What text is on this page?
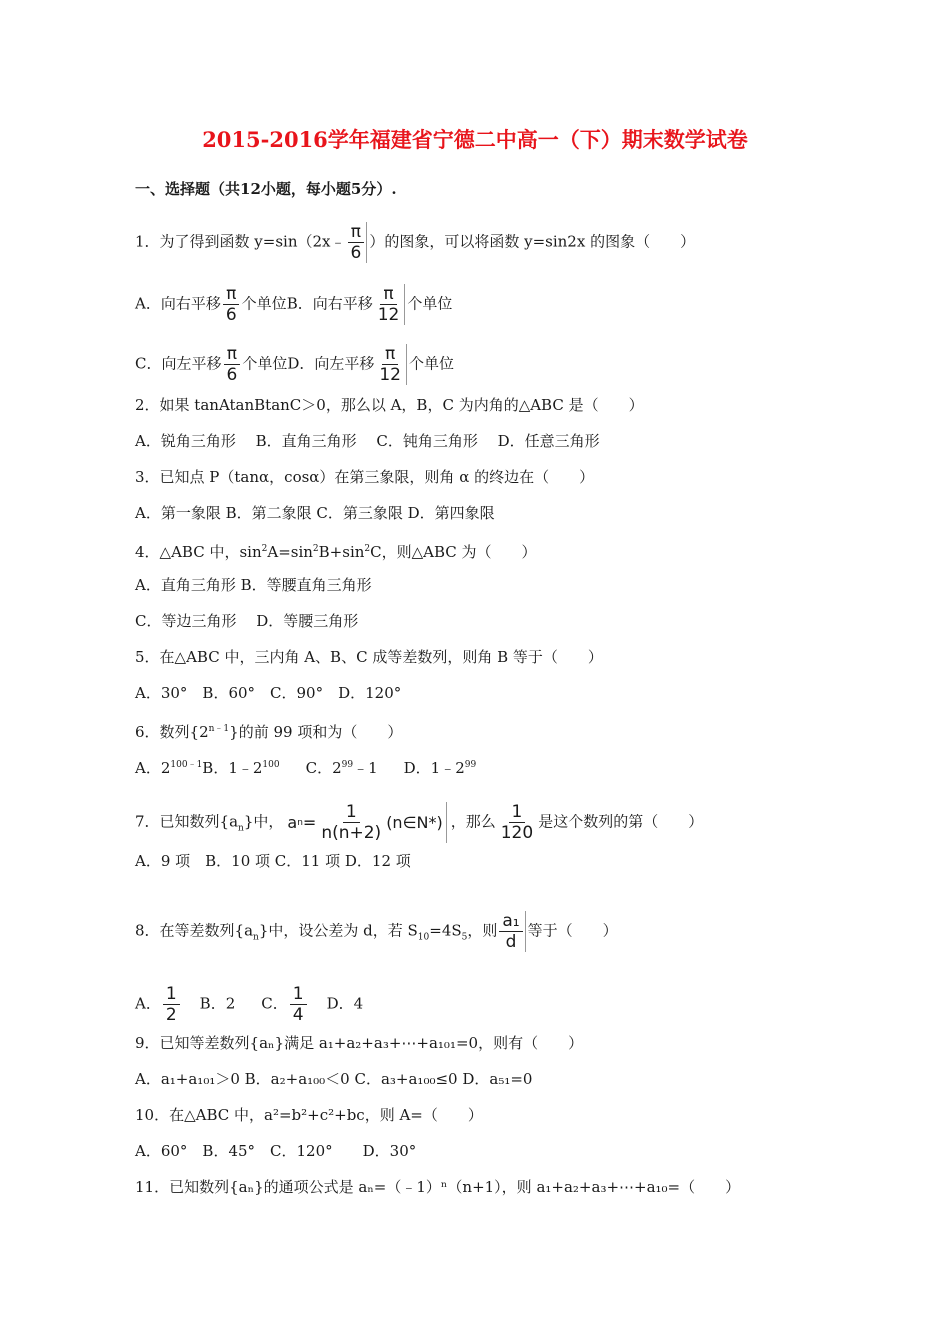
2015-2016学年福建省宁德二中高一（下）期末数学试卷
一、选择题（共12小题，每小题5分）.
1．为了得到函数 y=sin（2x﹣ $\frac{\pi}{6}$ ）的图象，可以将函数 y=sin2x 的图象（　　）
A．向右平移 $\frac{\pi}{6}$ 个单位B．向右平移 $\frac{\pi}{12}$ 个单位
C．向左平移 $\frac{\pi}{6}$ 个单位D．向左平移 $\frac{\pi}{12}$ 个单位
2．如果 tanAtanBtanC＞0，那么以 A，B，C 为内角的△ABC 是（　　）
A．锐角三角形　 B．直角三角形　 C．钝角三角形　 D．任意三角形
3．已知点 P（tanα，cosα）在第三象限，则角 α 的终边在（　　）
A．第一象限 B．第二象限 C．第三象限 D．第四象限
4．△ABC 中，$\sin^2A=\sin^2B+\sin^2C$，则△ABC 为（　　）
A．直角三角形 B．等腰直角三角形
C．等边三角形　 D．等腰三角形
5．在△ABC 中，三内角 A、B、C 成等差数列，则角 B 等于（　　）
A．30°　B．60°　C．90°　D．120°
6．数列$\{2^{n﹣1}\}$的前 99 项和为（　　）
A．$2^{100﹣1}B$．$1﹣2^{100}$ C．$2^{99}﹣1$ D．$1﹣2^{99}$
7．已知数列$\{a_n\}$中， a $n = \frac{1}{n(n+2)}$ (n∈N*) ，那么 $\frac{1}{120}$ 是这个数列的第（　　）
A．9 项　B．10 项 C．11 项 D．12 项
8．在等差数列$\{a_n\}$中，设公差为 d，若 $S_{10}=4S_5$，则 $\frac{\text{a₁}}{d}$ 等于（　　）
A． $\frac{1}{2}$ B．2 C． $\frac{1}{4}$ D．4
9．已知等差数列{aₙ}满足 a₁+a₂+a₃+⋯+a₁₀₁=0，则有（　　）
A．a₁+a₁₀₁＞0 B．a₂+a₁₀₀＜0 C．a₃+a₁₀₀≤0 D．a₅₁=0
10．在△ABC 中，a²=b²+c²+bc，则 A=（　　）
A．60°　B．45°　C．120°　　D．30°
11．已知数列{aₙ}的通项公式是 aₙ=（﹣1）ⁿ（n+1），则 a₁+a₂+a₃+⋯+a₁₀=（　　）
